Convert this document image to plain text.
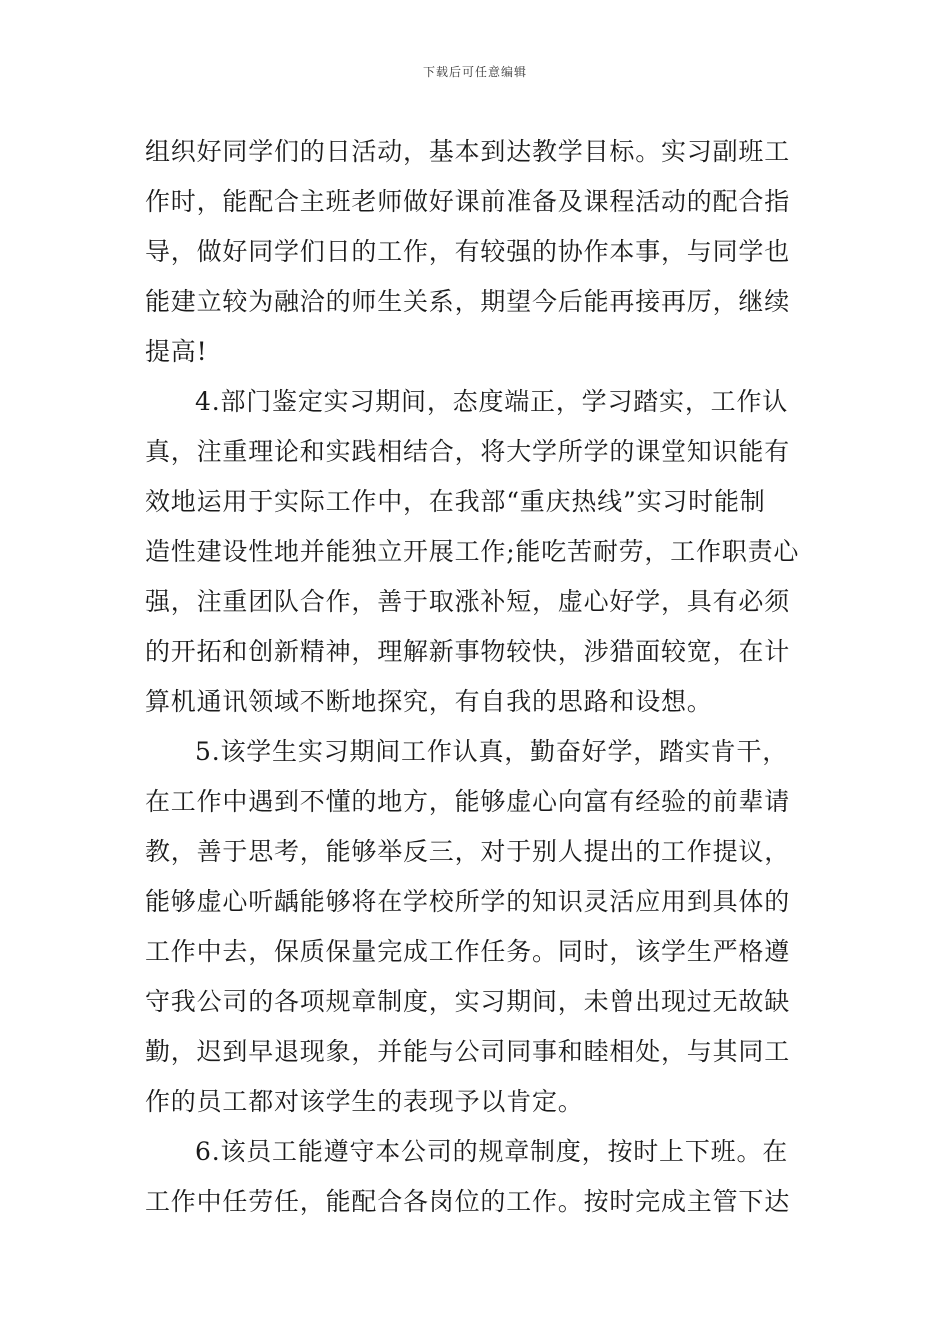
下载后可任意编辑
组织好同学们的日活动，基本到达教学目标。实习副班工
作时，能配合主班老师做好课前准备及课程活动的配合指
导，做好同学们日的工作，有较强的协作本事，与同学也
能建立较为融洽的师生关系，期望今后能再接再厉，继续
提高!
4.部门鉴定实习期间，态度端正，学习踏实，工作认
真，注重理论和实践相结合，将大学所学的课堂知识能有
效地运用于实际工作中，在我部“重庆热线”实习时能制
造性建设性地并能独立开展工作;能吃苦耐劳，工作职责心
强，注重团队合作，善于取涨补短，虚心好学，具有必须
的开拓和创新精神，理解新事物较快，涉猎面较宽，在计
算机通讯领域不断地探究，有自我的思路和设想。
5.该学生实习期间工作认真，勤奋好学，踏实肯干，
在工作中遇到不懂的地方，能够虚心向富有经验的前辈请
教，善于思考，能够举反三，对于别人提出的工作提议，
能够虚心听龋能够将在学校所学的知识灵活应用到具体的
工作中去，保质保量完成工作任务。同时，该学生严格遵
守我公司的各项规章制度，实习期间，未曾出现过无故缺
勤，迟到早退现象，并能与公司同事和睦相处，与其同工
作的员工都对该学生的表现予以肯定。
6.该员工能遵守本公司的规章制度，按时上下班。在
工作中任劳任，能配合各岗位的工作。按时完成主管下达
